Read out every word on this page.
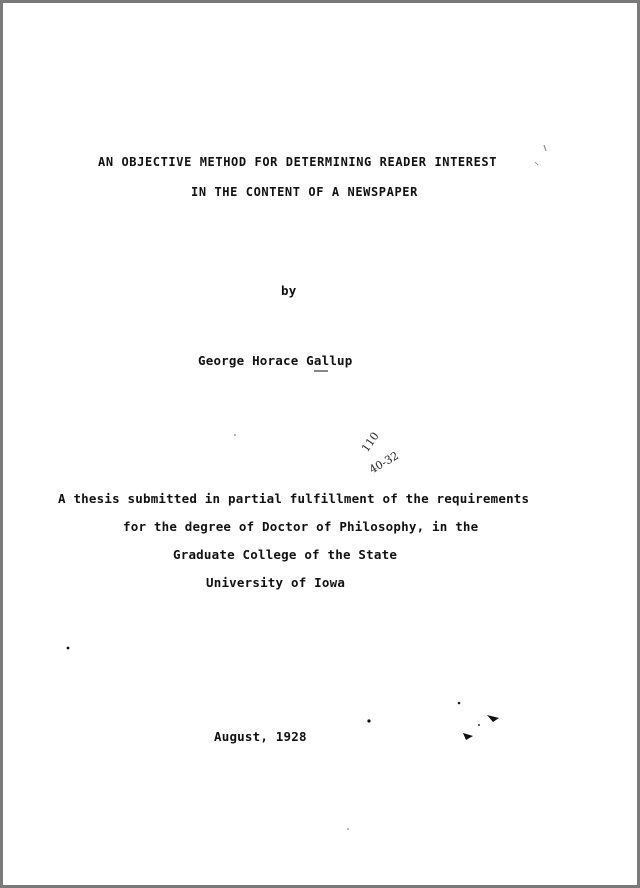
AN OBJECTIVE METHOD FOR DETERMINING READER INTEREST
IN THE CONTENT OF A NEWSPAPER
by
George Horace Gallup
110
40-32
A thesis submitted in partial fulfillment of the requirements
for the degree of Doctor of Philosophy, in the
Graduate College of the State
University of Iowa
August, 1928
